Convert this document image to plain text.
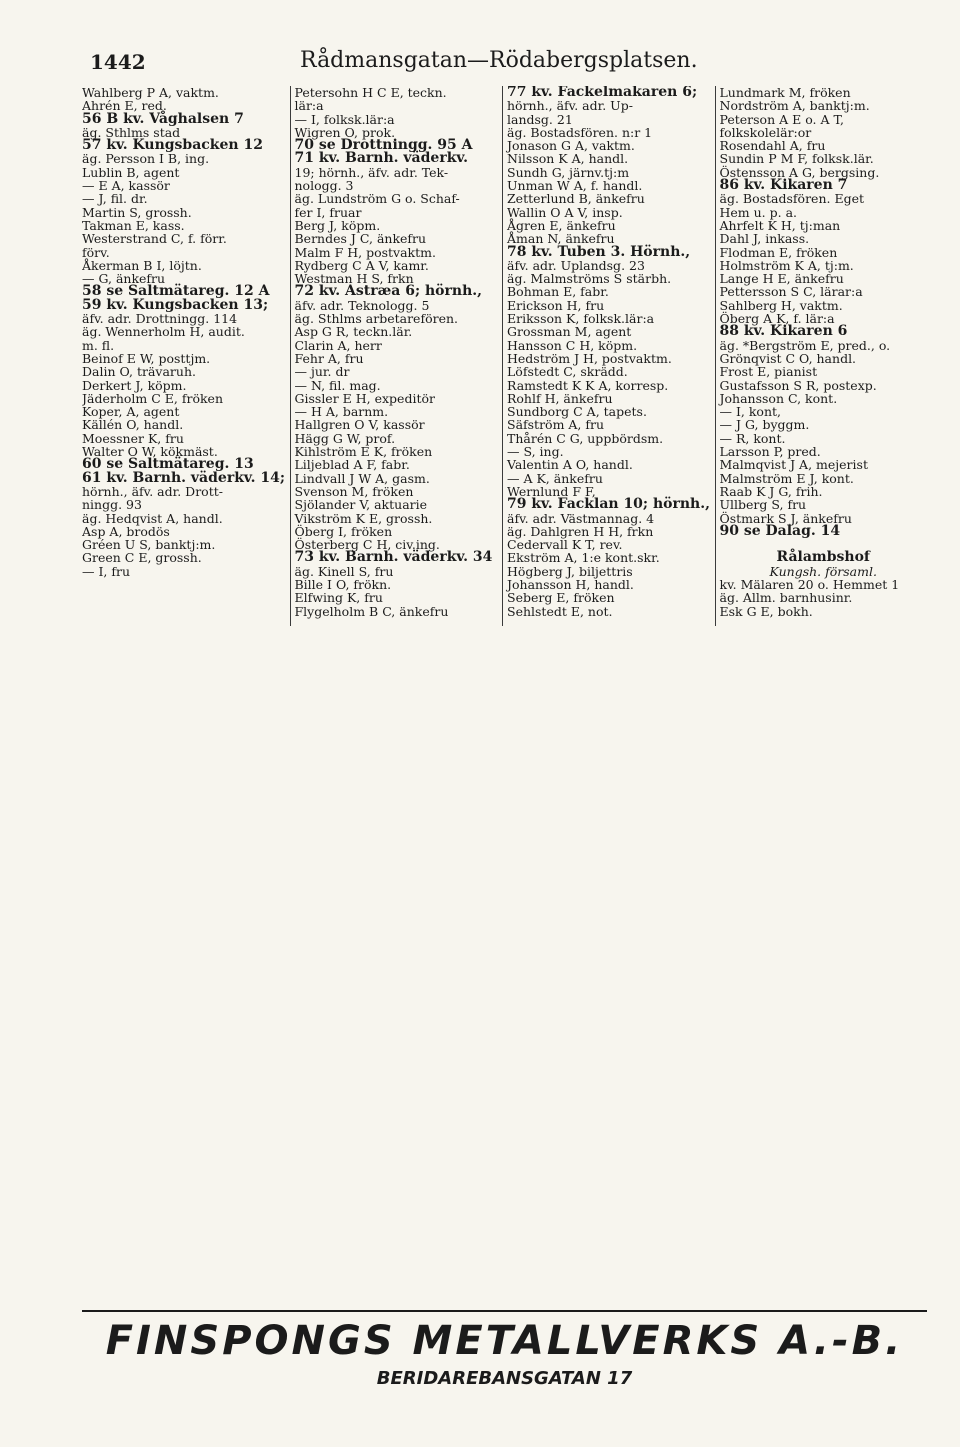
1442	Rådmansgatan—Rödabergsplatsen.
Wahlberg P A, vaktm.
Ahrén E, red.
56 B kv. Våghalsen 7
äg. Sthlms stad
57 kv. Kungsbacken 12
äg. Persson I B, ing.
Lublin B, agent
— E A, kassör
— J, fil. dr.
Martin S, grossh.
Takman E, kass.
Westerstrand C, f. förr.
förv.
Åkerman B I, löjtn.
— G, änkefru
58 se Saltmätareg. 12 A
59 kv. Kungsbacken 13;
äfv. adr. Drottningg. 114
äg. Wennerholm H, audit.
m. fl.
Beinof E W, posttjm.
Dalin O, trävaruh.
Derkert J, köpm.
Jäderholm C E, fröken
Koper, A, agent
Källén O, handl.
Moessner K, fru
Walter O W, kökmäst.
60 se Saltmätareg. 13
61 kv. Barnh. väderkv. 14;
hörnh., äfv. adr. Drott-
ningg. 93
äg. Hedqvist A, handl.
Asp A, brodös
Gréen U S, banktj:m.
Green C E, grossh.
— I, fru
Petersohn H C E, teckn.
lär:a
— I, folksk.lär:a
Wigren O, prok.
70 se Drottningg. 95 A
71 kv. Barnh. väderkv.
19; hörnh., äfv. adr. Tek-
nologg. 3
äg. Lundström G o. Schaf-
fer I, fruar
Berg J, köpm.
Berndes J C, änkefru
Malm F H, postvaktm.
Rydberg C A V, kamr.
Westman H S, frkn
72 kv. Astræa 6; hörnh.,
äfv. adr. Teknologg. 5
äg. Sthlms arbetarefören.
Asp G R, teckn.lär.
Clarin A, herr
Fehr A, fru
— jur. dr
— N, fil. mag.
Gissler E H, expeditör
— H A, barnm.
Hallgren O V, kassör
Hägg G W, prof.
Kihlström E K, fröken
Liljeblad A F, fabr.
Lindvall J W A, gasm.
Svenson M, fröken
Sjölander V, aktuarie
Vikström K E, grossh.
Öberg I, fröken
Österberg C H, civ.ing.
73 kv. Barnh. väderkv. 34
äg. Kinell S, fru
Bille I O, frökn.
Elfwing K, fru
Flygelholm B C, änkefru
77 kv. Fackelmakaren 6;
hörnh., äfv. adr. Up-
landsg. 21
äg. Bostadsfören. n:r 1
Jonason G A, vaktm.
Nilsson K A, handl.
Sundh G, järnv.tj:m
Unman W A, f. handl.
Zetterlund B, änkefru
Wallin O A V, insp.
Ågren E, änkefru
Åman N, änkefru
78 kv. Tuben 3. Hörnh.,
äfv. adr. Uplandsg. 23
äg. Malmströms S stärbh.
Bohman E, fabr.
Erickson H, fru
Eriksson K, folksk.lär:a
Grossman M, agent
Hansson C H, köpm.
Hedström J H, postvaktm.
Löfstedt C, skrädd.
Ramstedt K K A, korresp.
Rohlf H, änkefru
Sundborg C A, tapets.
Säfström A, fru
Thårén C G, uppbördsm.
— S, ing.
Valentin A O, handl.
— A K, änkefru
Wernlund F F,
79 kv. Facklan 10; hörnh.,
äfv. adr. Västmannag. 4
äg. Dahlgren H H, frkn
Cedervall K T, rev.
Ekström A, 1:e kont.skr.
Högberg J, biljettris
Johansson H, handl.
Seberg E, fröken
Sehlstedt E, not.
Lundmark M, fröken
Nordström A, banktj:m.
Peterson A E o. A T,
folkskolelär:or
Rosendahl A, fru
Sundin P M F, folksk.lär.
Östensson A G, bergsing.
86 kv. Kikaren 7
äg. Bostadsfören. Eget
Hem u. p. a.
Ahrfelt K H, tj:man
Dahl J, inkass.
Flodman E, fröken
Holmström K A, tj:m.
Lange H E, änkefru
Pettersson S C, lärar:a
Sahlberg H, vaktm.
Öberg A K, f. lär:a
88 kv. Kikaren 6
äg. *Bergström E, pred., o.
Grönqvist C O, handl.
Frost E, pianist
Gustafsson S R, postexp.
Johansson C, kont.
— I, kont,
— J G, byggm.
— R, kont.
Larsson P, pred.
Malmqvist J A, mejerist
Malmström E J, kont.
Raab K J G, frih.
Ullberg S, fru
Östmark S J, änkefru
90 se Dalag. 14

Rålambshof
Kungsh. församl.
kv. Mälaren 20 o. Hemmet 1
äg. Allm. barnhusinr.
Esk G E, bokh.
FINSPONGS METALLVERKS A.-B.
BERIDAREBANSGATAN 17
